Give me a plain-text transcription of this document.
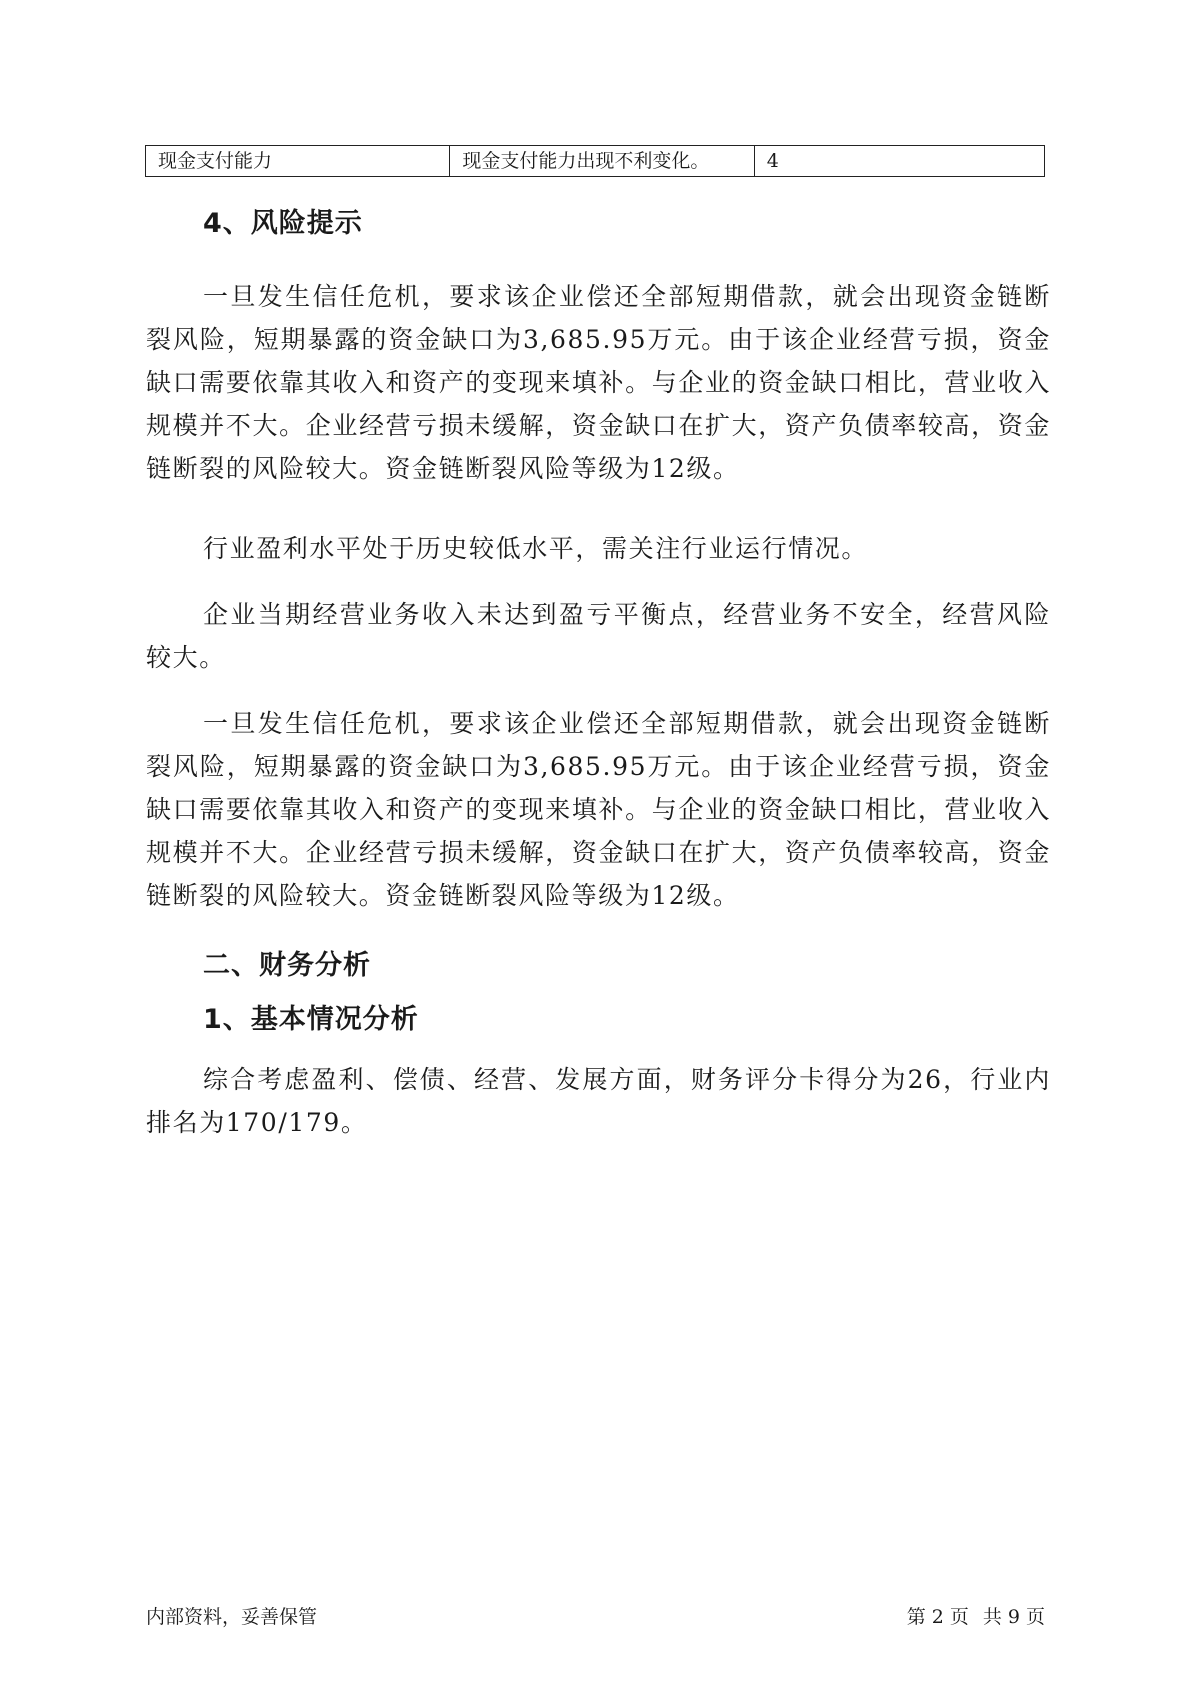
现金支付能力	现金支付能力出现不利变化。	4
4、风险提示

一旦发生信任危机，要求该企业偿还全部短期借款，就会出现资金链断裂风险，短期暴露的资金缺口为3,685.95万元。由于该企业经营亏损，资金缺口需要依靠其收入和资产的变现来填补。与企业的资金缺口相比，营业收入规模并不大。企业经营亏损未缓解，资金缺口在扩大，资产负债率较高，资金链断裂的风险较大。资金链断裂风险等级为12级。

行业盈利水平处于历史较低水平，需关注行业运行情况。

企业当期经营业务收入未达到盈亏平衡点，经营业务不安全，经营风险较大。

一旦发生信任危机，要求该企业偿还全部短期借款，就会出现资金链断裂风险，短期暴露的资金缺口为3,685.95万元。由于该企业经营亏损，资金缺口需要依靠其收入和资产的变现来填补。与企业的资金缺口相比，营业收入规模并不大。企业经营亏损未缓解，资金缺口在扩大，资产负债率较高，资金链断裂的风险较大。资金链断裂风险等级为12级。

二、财务分析
1、基本情况分析

综合考虑盈利、偿债、经营、发展方面，财务评分卡得分为26，行业内排名为170/179。

内部资料，妥善保管	第 2 页 共 9 页
